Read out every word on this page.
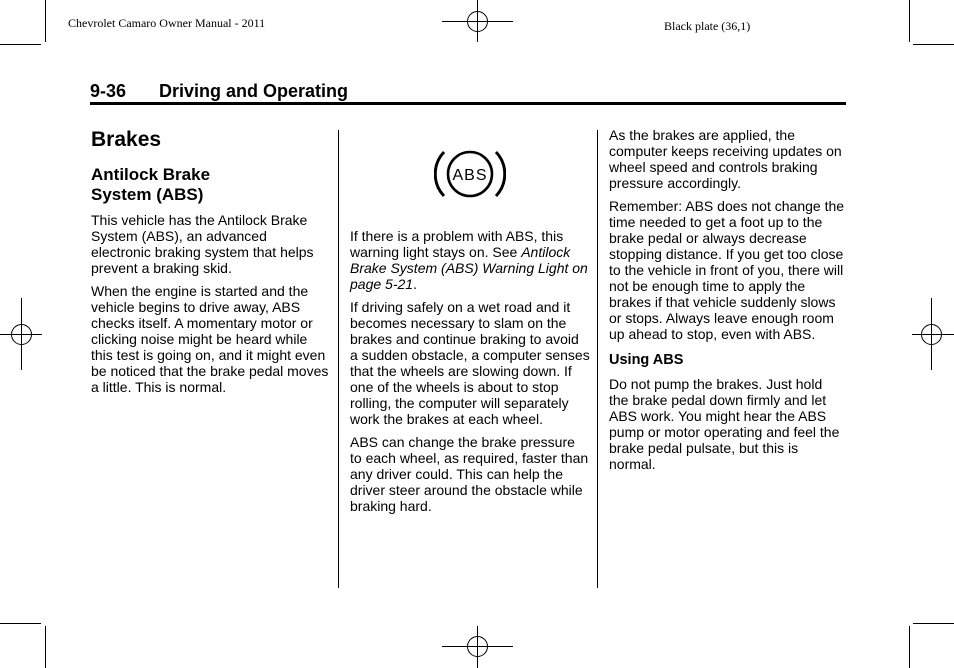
Chevrolet Camaro Owner Manual - 2011	Black plate (36,1)
9-36 Driving and Operating
Brakes
Antilock Brake
System (ABS)

This vehicle has the Antilock Brake System (ABS), an advanced electronic braking system that helps prevent a braking skid.

When the engine is started and the vehicle begins to drive away, ABS checks itself. A momentary motor or clicking noise might be heard while this test is going on, and it might even be noticed that the brake pedal moves a little. This is normal.

ABS

If there is a problem with ABS, this warning light stays on. See Antilock Brake System (ABS) Warning Light on page 5-21.

If driving safely on a wet road and it becomes necessary to slam on the brakes and continue braking to avoid a sudden obstacle, a computer senses that the wheels are slowing down. If one of the wheels is about to stop rolling, the computer will separately work the brakes at each wheel.

ABS can change the brake pressure to each wheel, as required, faster than any driver could. This can help the driver steer around the obstacle while braking hard.

As the brakes are applied, the computer keeps receiving updates on wheel speed and controls braking pressure accordingly.

Remember: ABS does not change the time needed to get a foot up to the brake pedal or always decrease stopping distance. If you get too close to the vehicle in front of you, there will not be enough time to apply the brakes if that vehicle suddenly slows or stops. Always leave enough room up ahead to stop, even with ABS.

Using ABS

Do not pump the brakes. Just hold the brake pedal down firmly and let ABS work. You might hear the ABS pump or motor operating and feel the brake pedal pulsate, but this is normal.
